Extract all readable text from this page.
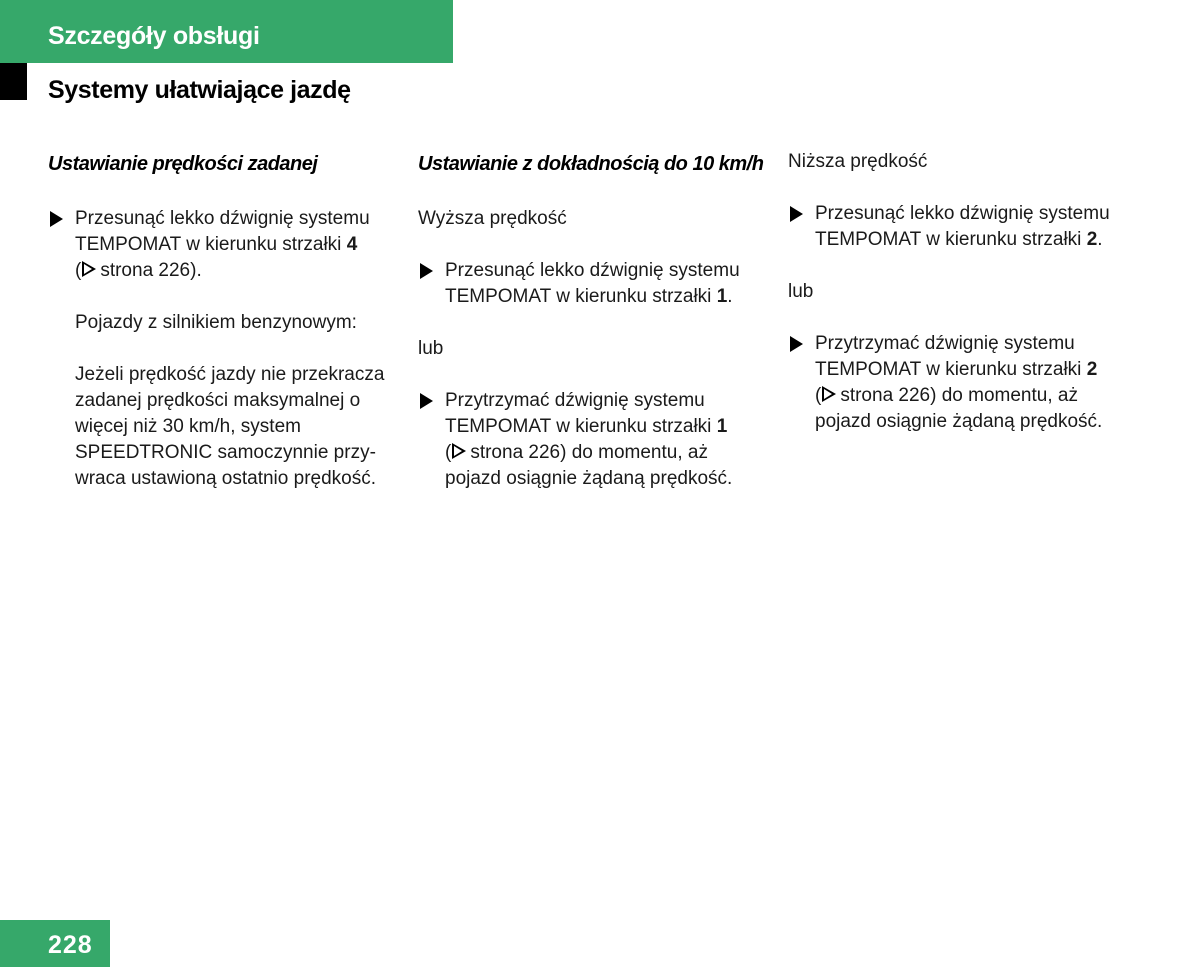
Szczegóły obsługi
Systemy ułatwiające jazdę
Ustawianie prędkości zadanej
Przesunąć lekko dźwignię systemu TEMPOMAT w kierunku strzałki 4
( strona 226).

Pojazdy z silnikiem benzynowym:

Jeżeli prędkość jazdy nie przekracza zadanej prędkości maksymalnej o więcej niż 30 km/h, system SPEEDTRONIC samoczynnie przy-wraca ustawioną ostatnio prędkość.

Ustawianie z dokładnością do 10 km/h

Wyższa prędkość

Przesunąć lekko dźwignię systemu TEMPOMAT w kierunku strzałki 1.

lub

Przytrzymać dźwignię systemu TEMPOMAT w kierunku strzałki 1
( strona 226) do momentu, aż pojazd osiągnie żądaną prędkość.

Niższa prędkość

Przesunąć lekko dźwignię systemu TEMPOMAT w kierunku strzałki 2.

lub

Przytrzymać dźwignię systemu TEMPOMAT w kierunku strzałki 2
( strona 226) do momentu, aż pojazd osiągnie żądaną prędkość.
228
